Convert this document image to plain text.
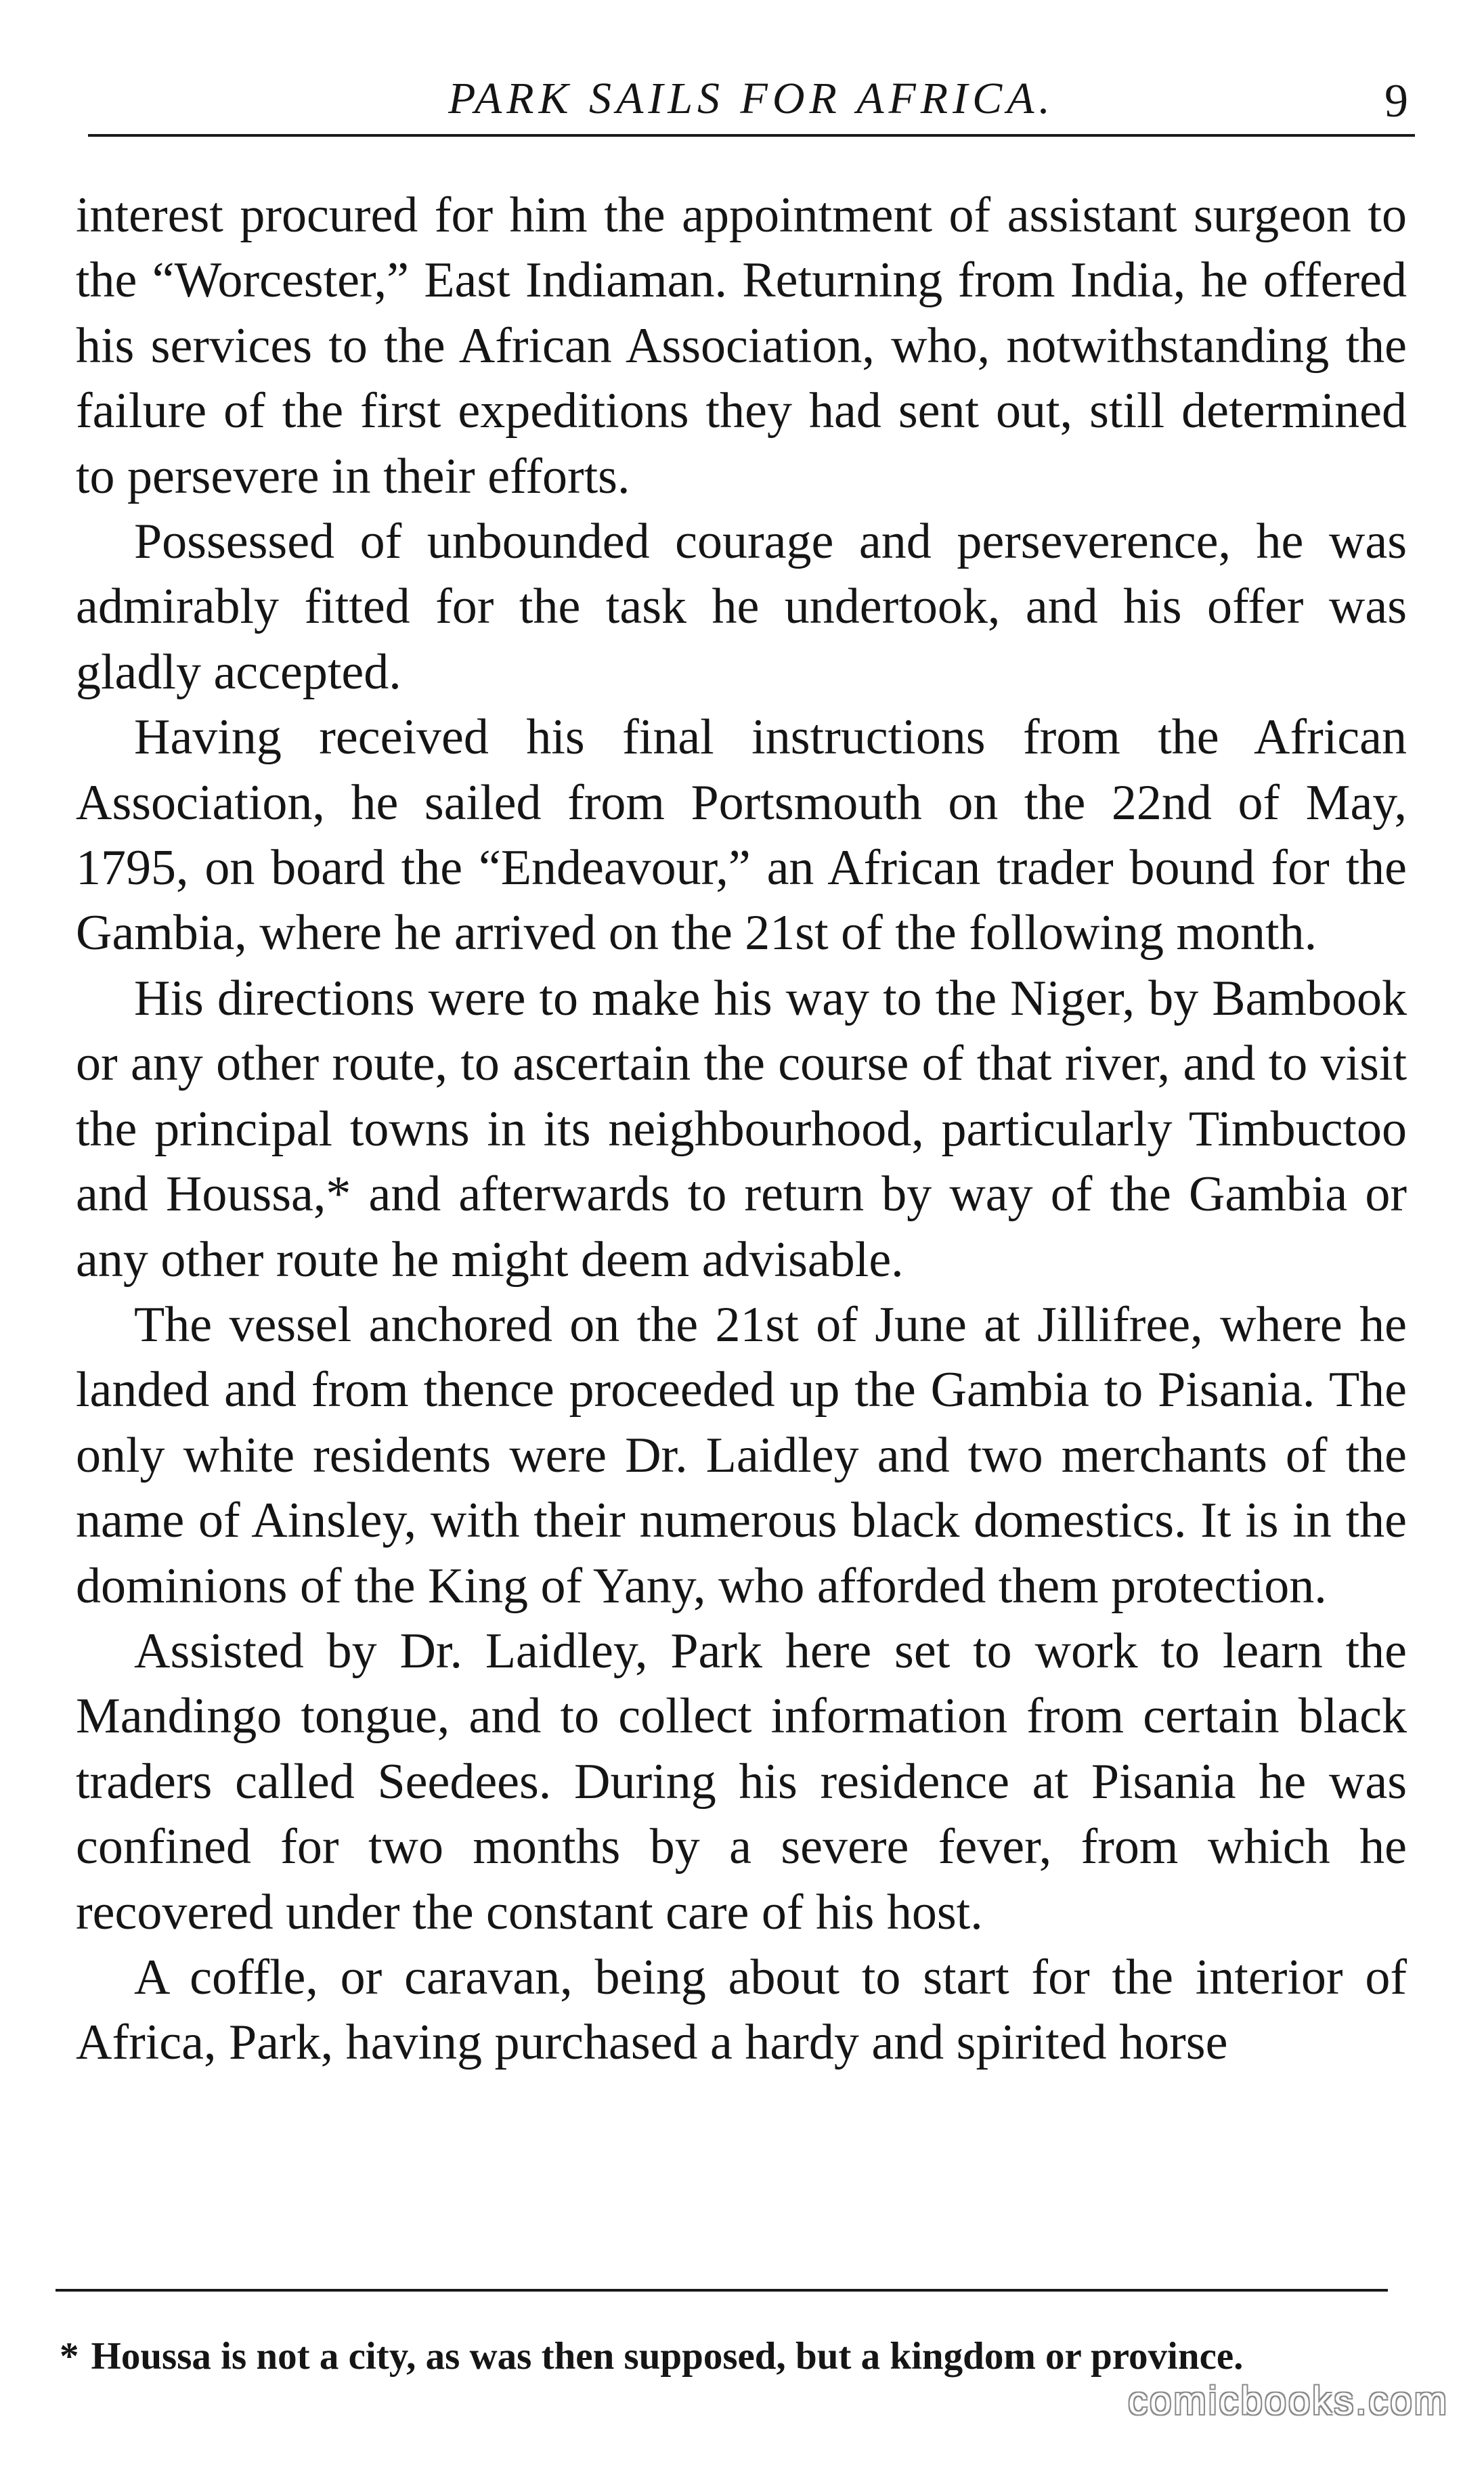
PARK SAILS FOR AFRICA.	9

interest procured for him the appointment of assistant surgeon to the “Worcester,” East Indiaman. Returning from India, he offered his services to the African Association, who, notwithstanding the failure of the first expeditions they had sent out, still determined to persevere in their efforts.

Possessed of unbounded courage and perseverence, he was admirably fitted for the task he undertook, and his offer was gladly accepted.

Having received his final instructions from the African Association, he sailed from Portsmouth on the 22nd of May, 1795, on board the “Endeavour,” an African trader bound for the Gambia, where he arrived on the 21st of the following month.

His directions were to make his way to the Niger, by Bambook or any other route, to ascertain the course of that river, and to visit the principal towns in its neighbourhood, particularly Timbuctoo and Houssa,* and afterwards to return by way of the Gambia or any other route he might deem advisable.

The vessel anchored on the 21st of June at Jillifree, where he landed and from thence proceeded up the Gambia to Pisania. The only white residents were Dr. Laidley and two merchants of the name of Ainsley, with their numerous black domestics. It is in the dominions of the King of Yany, who afforded them protection.

Assisted by Dr. Laidley, Park here set to work to learn the Mandingo tongue, and to collect information from certain black traders called Seedees. During his residence at Pisania he was confined for two months by a severe fever, from which he recovered under the constant care of his host.

A coffle, or caravan, being about to start for the interior of Africa, Park, having purchased a hardy and spirited horse

* Houssa is not a city, as was then supposed, but a kingdom or province.
comicbooks.com
